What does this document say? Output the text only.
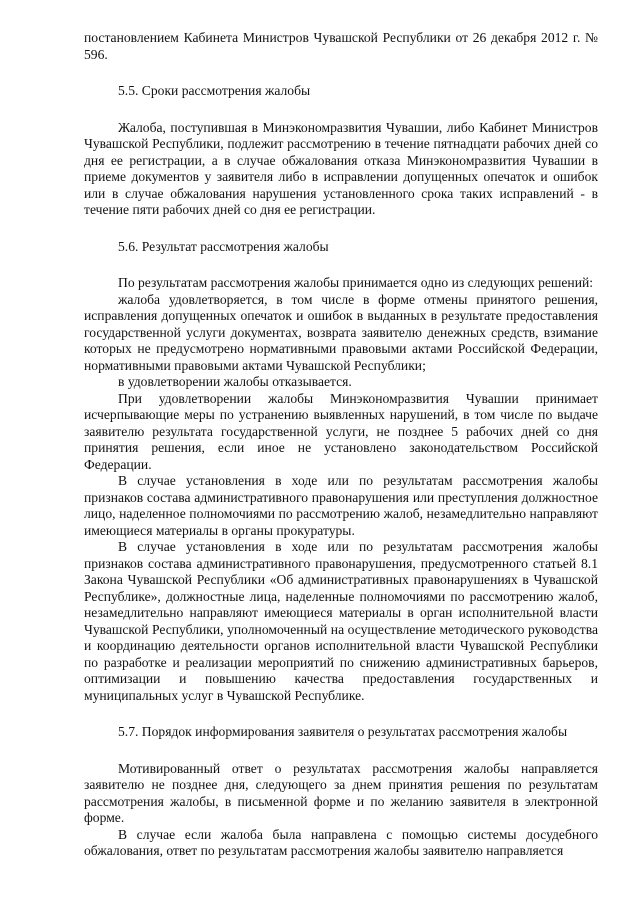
постановлением Кабинета Министров Чувашской Республики от 26 декабря 2012 г. № 596.

5.5. Сроки рассмотрения жалобы

Жалоба, поступившая в Минэкономразвития Чувашии, либо Кабинет Министров Чувашской Республики, подлежит рассмотрению в течение пятнадцати рабочих дней со дня ее регистрации, а в случае обжалования отказа Минэкономразвития Чувашии в приеме документов у заявителя либо в исправлении допущенных опечаток и ошибок или в случае обжалования нарушения установленного срока таких исправлений - в течение пяти рабочих дней со дня ее регистрации.

5.6. Результат рассмотрения жалобы

По результатам рассмотрения жалобы принимается одно из следующих решений:

жалоба удовлетворяется, в том числе в форме отмены принятого решения, исправления допущенных опечаток и ошибок в выданных в результате предоставления государственной услуги документах, возврата заявителю денежных средств, взимание которых не предусмотрено нормативными правовыми актами Российской Федерации, нормативными правовыми актами Чувашской Республики;

в удовлетворении жалобы отказывается.

При удовлетворении жалобы Минэкономразвития Чувашии принимает исчерпывающие меры по устранению выявленных нарушений, в том числе по выдаче заявителю результата государственной услуги, не позднее 5 рабочих дней со дня принятия решения, если иное не установлено законодательством Российской Федерации.

В случае установления в ходе или по результатам рассмотрения жалобы признаков состава административного правонарушения или преступления должностное лицо, наделенное полномочиями по рассмотрению жалоб, незамедлительно направляют имеющиеся материалы в органы прокуратуры.

В случае установления в ходе или по результатам рассмотрения жалобы признаков состава административного правонарушения, предусмотренного статьей 8.1 Закона Чувашской Республики «Об административных правонарушениях в Чувашской Республике», должностные лица, наделенные полномочиями по рассмотрению жалоб, незамедлительно направляют имеющиеся материалы в орган исполнительной власти Чувашской Республики, уполномоченный на осуществление методического руководства и координацию деятельности органов исполнительной власти Чувашской Республики по разработке и реализации мероприятий по снижению административных барьеров, оптимизации и повышению качества предоставления государственных и муниципальных услуг в Чувашской Республике.

5.7. Порядок информирования заявителя о результатах рассмотрения жалобы

Мотивированный ответ о результатах рассмотрения жалобы направляется заявителю не позднее дня, следующего за днем принятия решения по результатам рассмотрения жалобы, в письменной форме и по желанию заявителя в электронной форме.

В случае если жалоба была направлена с помощью системы досудебного обжалования, ответ по результатам рассмотрения жалобы заявителю направляется
